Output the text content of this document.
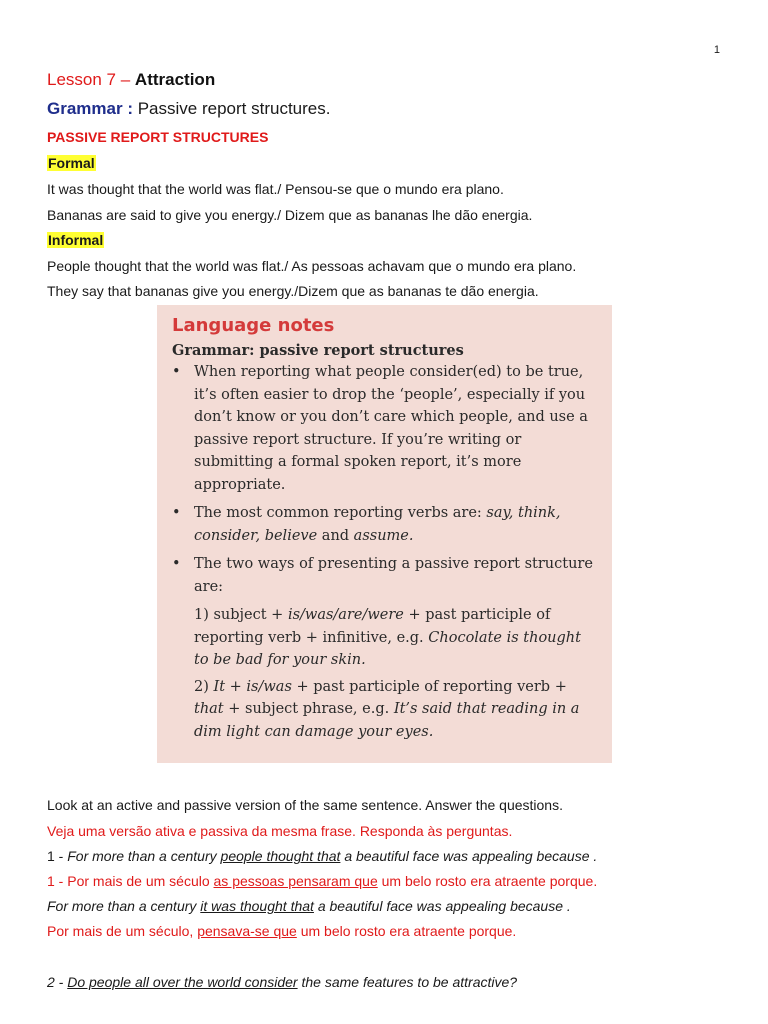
1
Lesson 7 – Attraction
Grammar : Passive report structures.
PASSIVE REPORT STRUCTURES
Formal
It was thought that the world was flat./ Pensou-se que o mundo era plano.
Bananas are said to give you energy./ Dizem que as bananas lhe dão energia.
Informal
People thought that the world was flat./ As pessoas achavam que o mundo era plano.
They say that bananas give you energy./Dizem que as bananas te dão energia.
Language notes
Grammar: passive report structures
• When reporting what people consider(ed) to be true, it’s often easier to drop the ‘people’, especially if you don’t know or you don’t care which people, and use a passive report structure. If you’re writing or submitting a formal spoken report, it’s more appropriate.
• The most common reporting verbs are: say, think, consider, believe and assume.
• The two ways of presenting a passive report structure are:
1) subject + is/was/are/were + past participle of reporting verb + infinitive, e.g. Chocolate is thought to be bad for your skin.
2) It + is/was + past participle of reporting verb + that + subject phrase, e.g. It’s said that reading in a dim light can damage your eyes.
Look at an active and passive version of the same sentence. Answer the questions.
Veja uma versão ativa e passiva da mesma frase. Responda às perguntas.
1 - For more than a century people thought that a beautiful face was appealing because .
1 - Por mais de um século as pessoas pensaram que um belo rosto era atraente porque.
For more than a century it was thought that a beautiful face was appealing because .
Por mais de um século, pensava-se que um belo rosto era atraente porque.
2 - Do people all over the world consider the same features to be attractive?
